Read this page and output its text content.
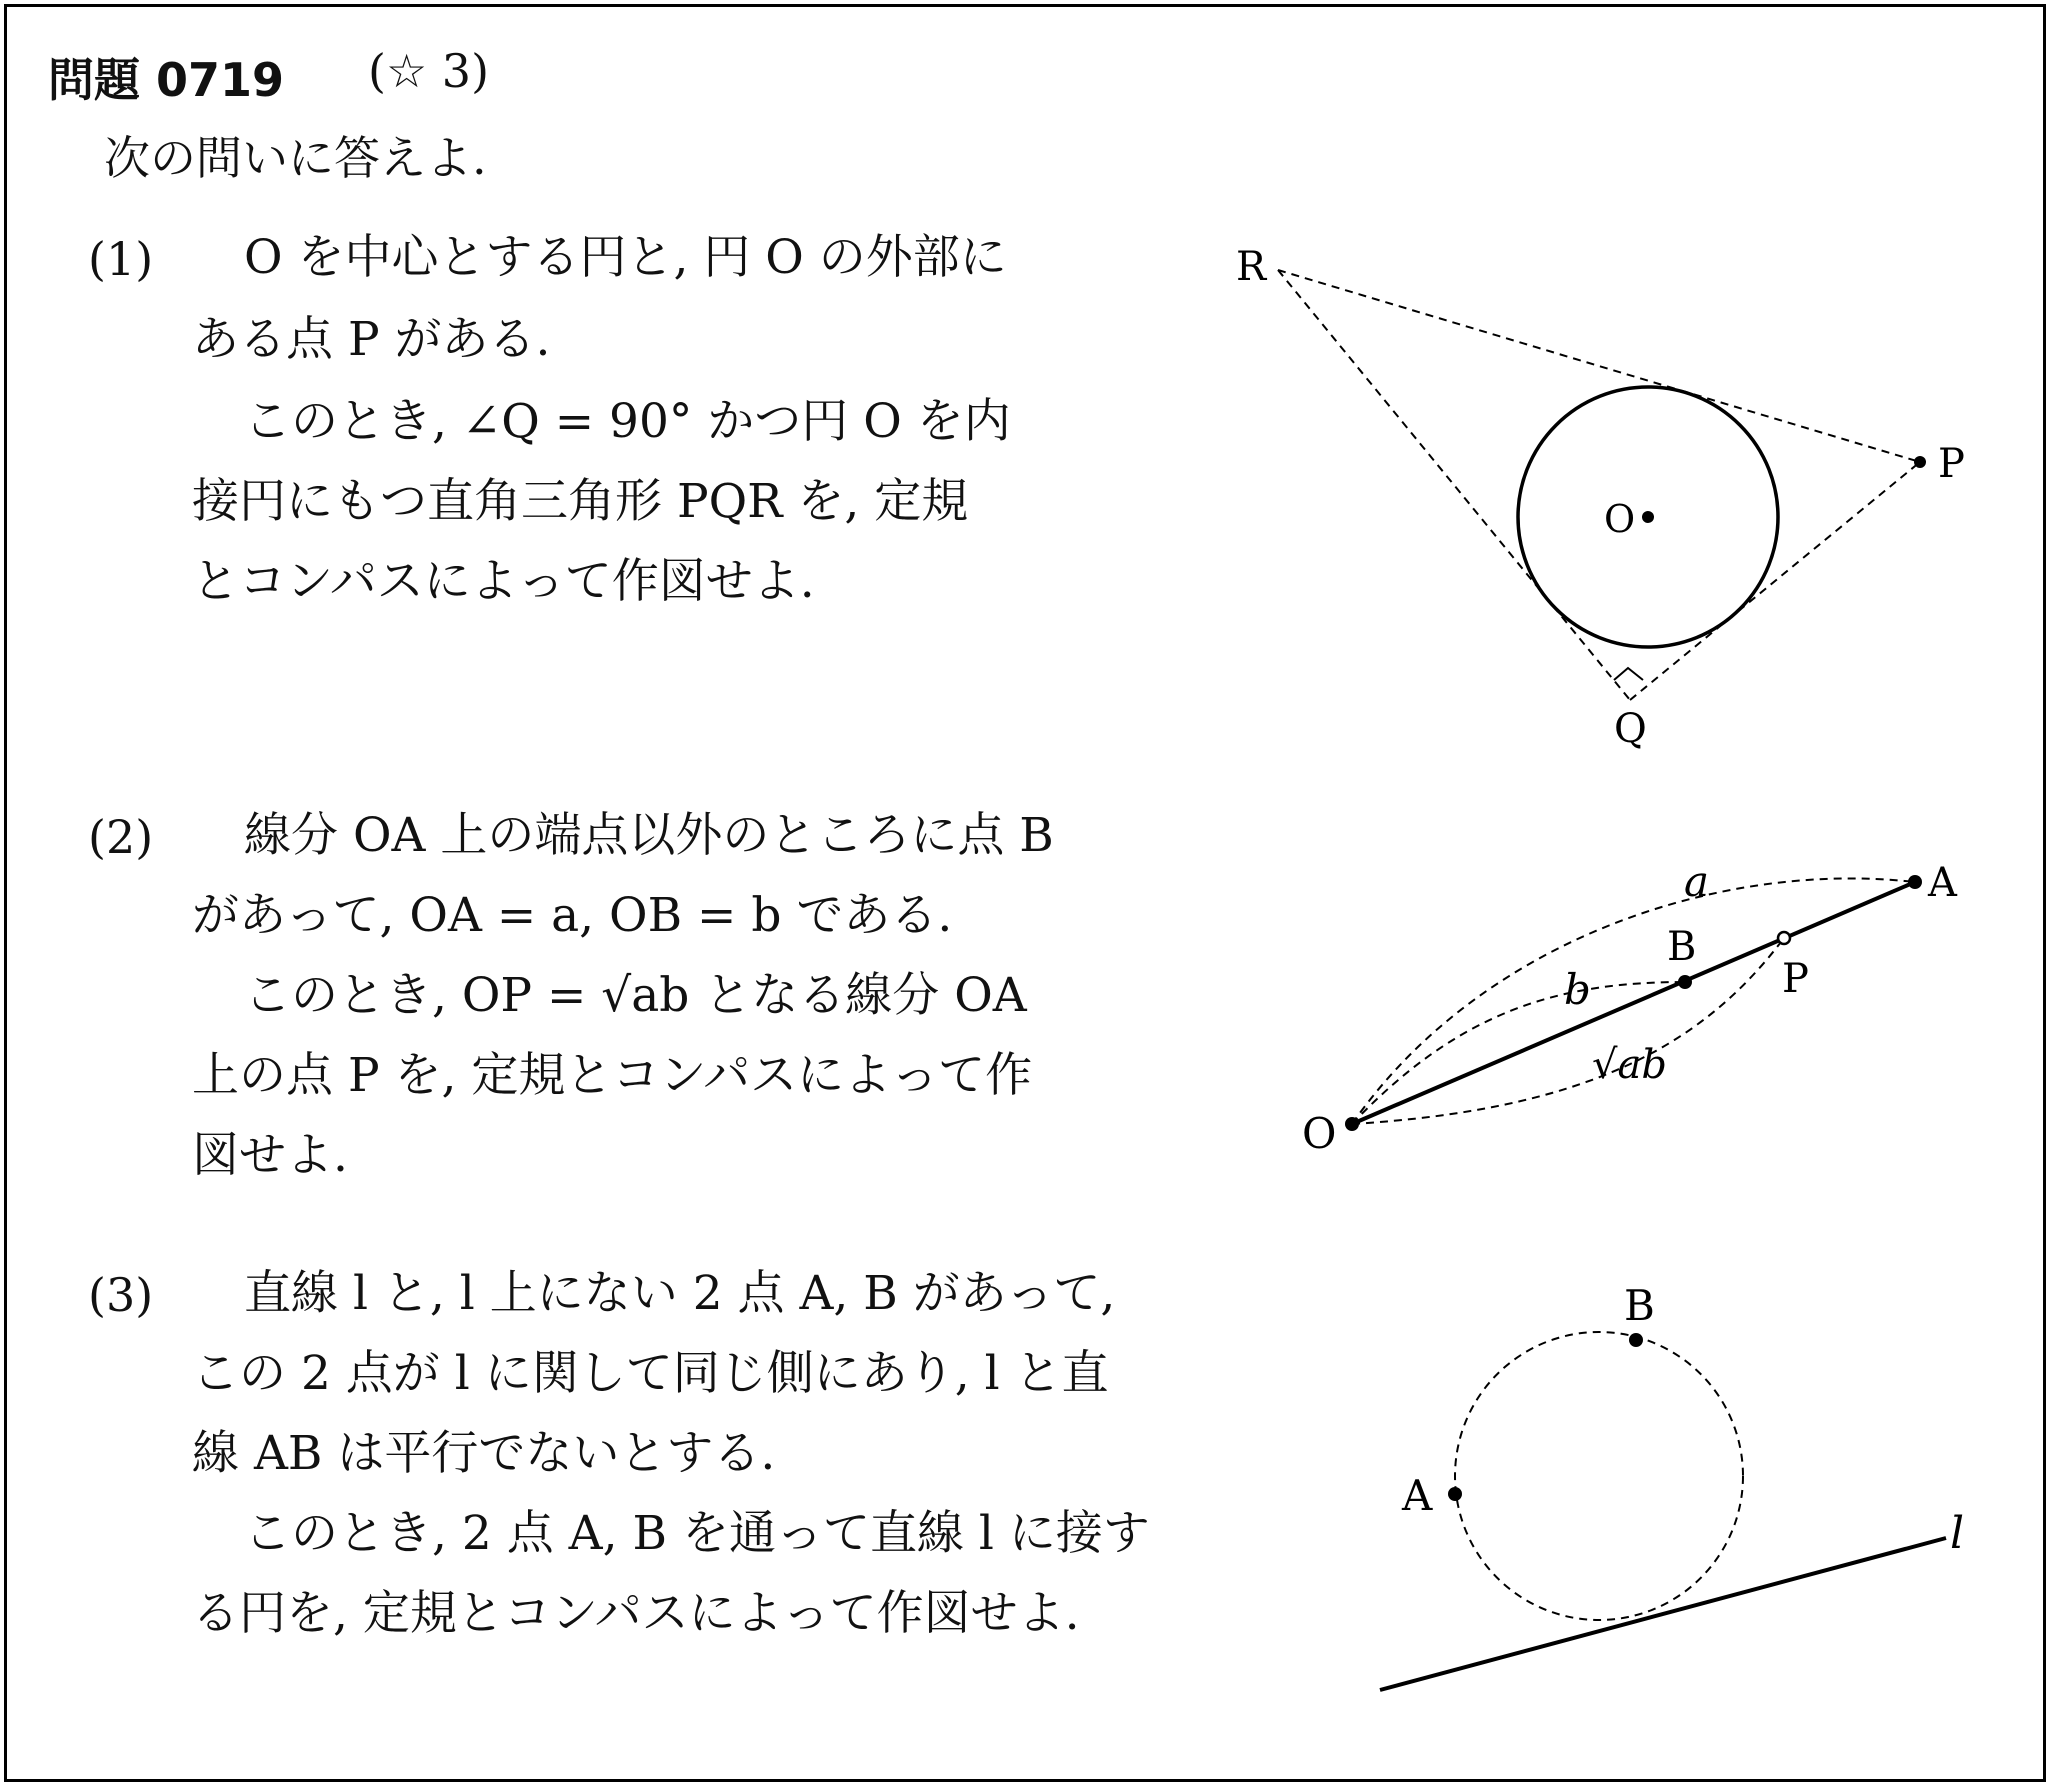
問題 0719 (☆ 3)
次の問いに答えよ.
(1) O を中心とする円と, 円 O の外部に
ある点 P がある.
このとき, ∠Q = 90° かつ円 O を内
接円にもつ直角三角形 PQR を, 定規
とコンパスによって作図せよ.
(2) 線分 OA 上の端点以外のところに点 B
があって, OA = a, OB = b である.
このとき, OP = √ab となる線分 OA
上の点 P を, 定規とコンパスによって作
図せよ.
(3) 直線 l と, l 上にない 2 点 A, B があって,
この 2 点が l に関して同じ側にあり, l と直
線 AB は平行でないとする.
このとき, 2 点 A, B を通って直線 l に接す
る円を, 定規とコンパスによって作図せよ.
R
P
O
Q
a	A
B
P
b
√ab
O
B
A
l
